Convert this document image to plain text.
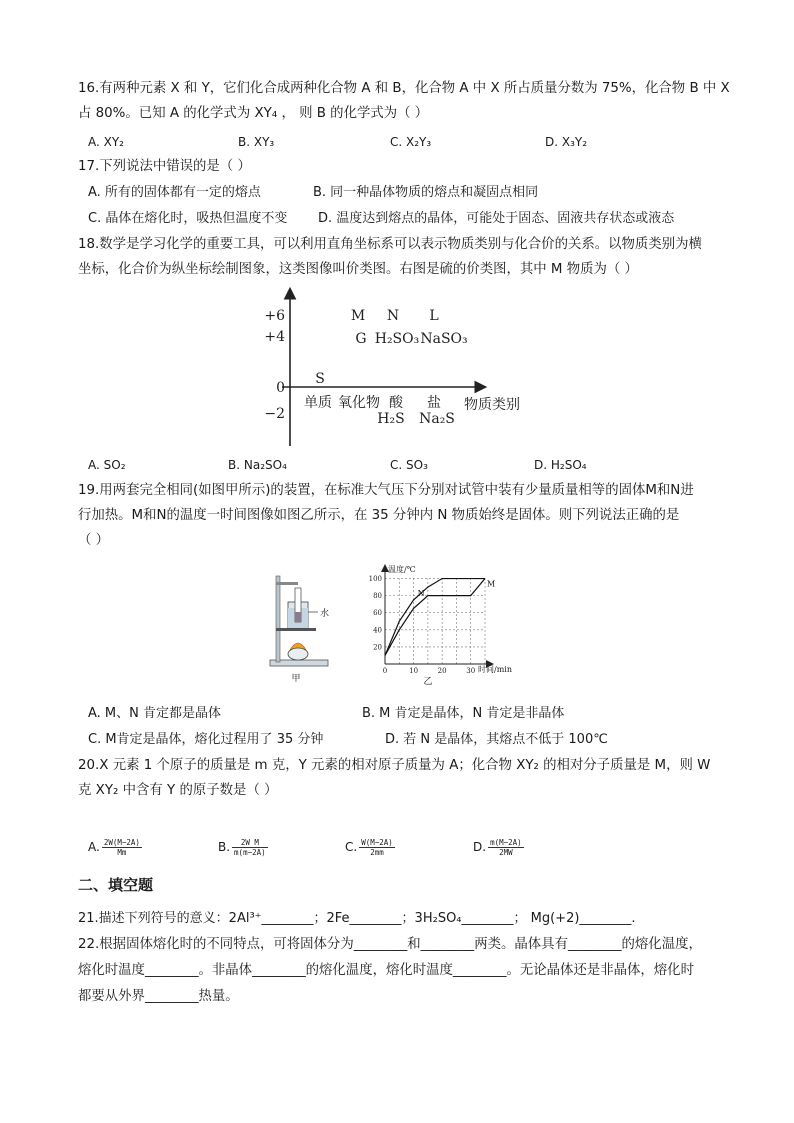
16.有两种元素 X 和 Y，它们化合成两种化合物 A 和 B，化合物 A 中 X 所占质量分数为 75%，化合物 B 中 X
占 80%。已知 A 的化学式为 XY₄ ， 则 B 的化学式为（ ）
A. XY₂	B. XY₃	C. X₂Y₃	D. X₃Y₂
17.下列说法中错误的是（ ）
A. 所有的固体都有一定的熔点	B. 同一种晶体物质的熔点和凝固点相同
C. 晶体在熔化时，吸热但温度不变 D. 温度达到熔点的晶体，可能处于固态、固液共存状态或液态
18.数学是学习化学的重要工具，可以利用直角坐标系可以表示物质类别与化合价的关系。以物质类别为横
坐标，化合价为纵坐标绘制图象，这类图像叫价类图。右图是硫的价类图，其中 M 物质为（ ）
+6
+4
0
−2
M N L
G H₂SO₃ NaSO₃
S
单质 氧化物 酸 盐 物质类别
H₂S Na₂S
A. SO₂	B. Na₂SO₄	C. SO₃	D. H₂SO₄
19.用两套完全相同(如图甲所示)的装置，在标准大气压下分别对试管中装有少量质量相等的固体M和N进
行加热。M和N的温度一时间图像如图乙所示，在 35 分钟内 N 物质始终是固体。则下列说法正确的是
（ ）
水
甲
温度/℃
时间/min
20
40
60
80
100
0	10	20	30
N
M
乙
A. M、N 肯定都是晶体	B. M 肯定是晶体，N 肯定是非晶体
C. M肯定是晶体，熔化过程用了 35 分钟	D. 若 N 是晶体，其熔点不低于 100℃
20.X 元素 1 个原子的质量是 m 克，Y 元素的相对原子质量为 A；化合物 XY₂ 的相对分子质量是 M，则 W
克 XY₂ 中含有 Y 的原子数是（ ）
A. $\frac{2W(M-2A)}{Mm}$	B. $\frac{\text{2W M}}{m(m-2A)}$	C. $\frac{W(M-2A)}{2mm}$	D. $\frac{m(M-2A)}{2MW}$
二、填空题
21.描述下列符号的意义：2Al³⁺________；2Fe________；3H₂SO₄________； Mg(+2)________.
22.根据固体熔化时的不同特点，可将固体分为________和________两类。晶体具有________的熔化温度，
熔化时温度________。非晶体________的熔化温度，熔化时温度________。无论晶体还是非晶体，熔化时
都要从外界________热量。
